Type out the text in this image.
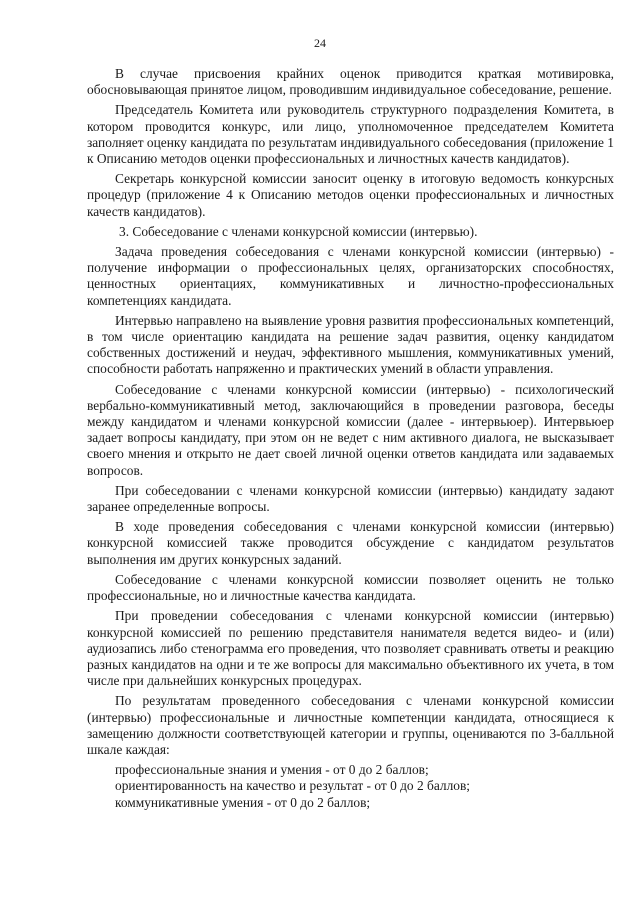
24

В случае присвоения крайних оценок приводится краткая мотивировка, обосновывающая принятое лицом, проводившим индивидуальное собеседование, решение.

Председатель Комитета или руководитель структурного подразделения Комитета, в котором проводится конкурс, или лицо, уполномоченное председателем Комитета заполняет оценку кандидата по результатам индивидуального собеседования (приложение 1 к Описанию методов оценки профессиональных и личностных качеств кандидатов).

Секретарь конкурсной комиссии заносит оценку в итоговую ведомость конкурсных процедур (приложение 4 к Описанию методов оценки профессиональных и личностных качеств кандидатов).

3. Собеседование с членами конкурсной комиссии (интервью).

Задача проведения собеседования с членами конкурсной комиссии (интервью) - получение информации о профессиональных целях, организаторских способностях, ценностных ориентациях, коммуникативных и личностно-профессиональных компетенциях кандидата.

Интервью направлено на выявление уровня развития профессиональных компетенций, в том числе ориентацию кандидата на решение задач развития, оценку кандидатом собственных достижений и неудач, эффективного мышления, коммуникативных умений, способности работать напряженно и практических умений в области управления.

Собеседование с членами конкурсной комиссии (интервью) - психологический вербально-коммуникативный метод, заключающийся в проведении разговора, беседы между кандидатом и членами конкурсной комиссии (далее - интервьюер). Интервьюер задает вопросы кандидату, при этом он не ведет с ним активного диалога, не высказывает своего мнения и открыто не дает своей личной оценки ответов кандидата или задаваемых вопросов.

При собеседовании с членами конкурсной комиссии (интервью) кандидату задают заранее определенные вопросы.

В ходе проведения собеседования с членами конкурсной комиссии (интервью) конкурсной комиссией также проводится обсуждение с кандидатом результатов выполнения им других конкурсных заданий.

Собеседование с членами конкурсной комиссии позволяет оценить не только профессиональные, но и личностные качества кандидата.

При проведении собеседования с членами конкурсной комиссии (интервью) конкурсной комиссией по решению представителя нанимателя ведется видео- и (или) аудиозапись либо стенограмма его проведения, что позволяет сравнивать ответы и реакцию разных кандидатов на одни и те же вопросы для максимально объективного их учета, в том числе при дальнейших конкурсных процедурах.

По результатам проведенного собеседования с членами конкурсной комиссии (интервью) профессиональные и личностные компетенции кандидата, относящиеся к замещению должности соответствующей категории и группы, оцениваются по 3-балльной шкале каждая:

профессиональные знания и умения - от 0 до 2 баллов;

ориентированность на качество и результат - от 0 до 2 баллов;

коммуникативные умения - от 0 до 2 баллов;
